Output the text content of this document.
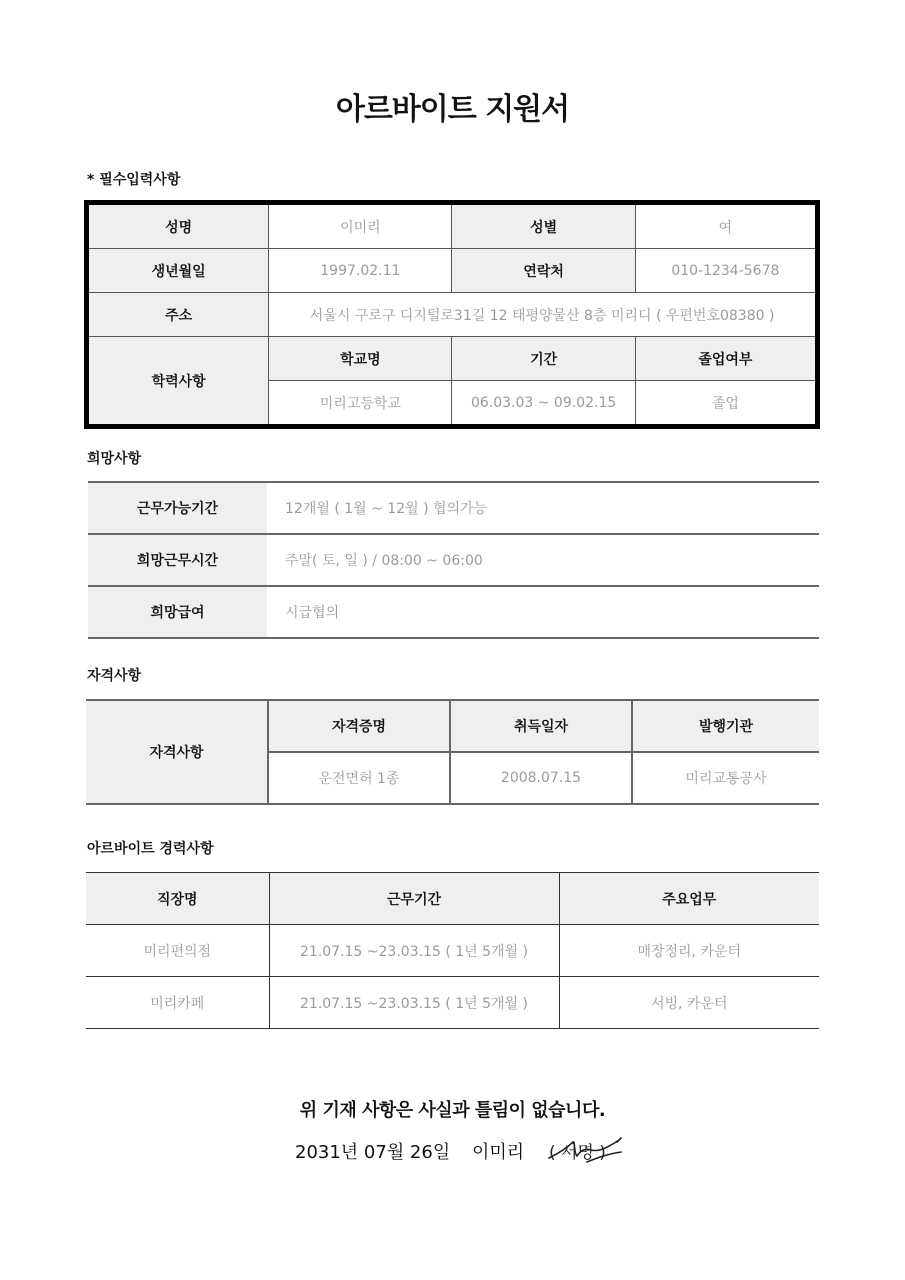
아르바이트 지원서
* 필수입력사항
성명	이미리	성별	여
생년월일	1997.02.11	연락처	010-1234-5678
주소	서울시 구로구 디지털로31길 12 태평양물산 8층 미리디 ( 우편번호08380 )		
학력사항	학교명	기간	졸업여부
	미리고등학교	06.03.03 ~ 09.02.15	졸업
희망사항
근무가능기간	12개월 ( 1월 ~ 12월 ) 협의가능
희망근무시간	주말( 토, 일 ) / 08:00 ~ 06:00
희망급여	시급협의
자격사항
자격사항	자격증명	취득일자	발행기관
	운전면허 1종	2008.07.15	미리교통공사
아르바이트 경력사항
직장명	근무기간	주요업무
미리편의점	21.07.15 ~23.03.15 ( 1년 5개월 )	매장정리, 카운터
미리카페	21.07.15 ~23.03.15 ( 1년 5개월 )	서빙, 카운터
위 기재 사항은 사실과 틀림이 없습니다.
2031년 07월 26일 이미리 ( 서명 )
